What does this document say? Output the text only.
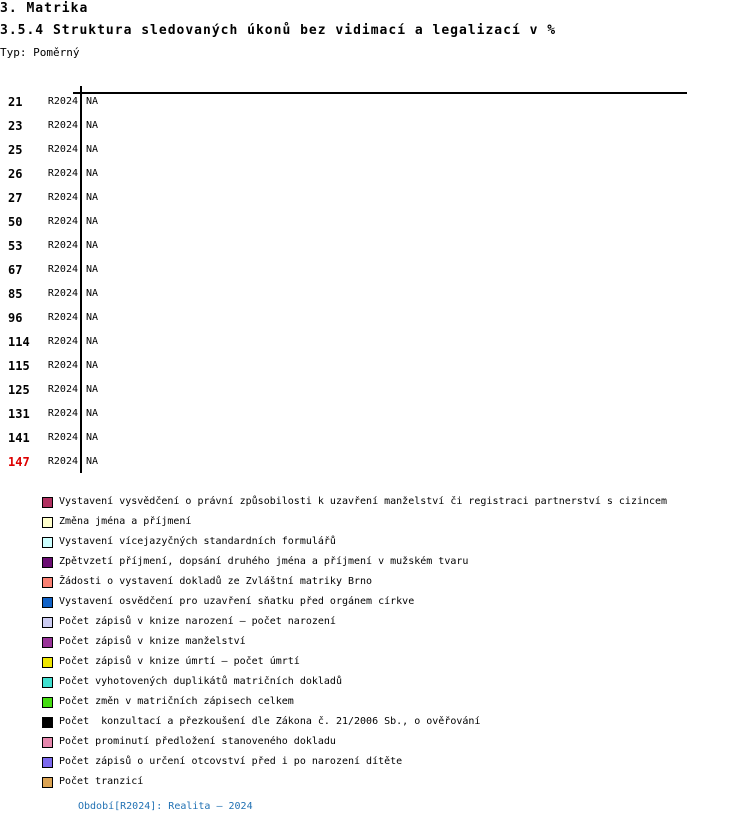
3. Matrika
3.5.4 Struktura sledovaných úkonů bez vidimací a legalizací v %
Typ: Poměrný
21	R2024 NA
23	R2024 NA
25	R2024 NA
26	R2024 NA
27	R2024 NA
50	R2024 NA
53	R2024 NA
67	R2024 NA
85	R2024 NA
96	R2024 NA
114	R2024 NA
115	R2024 NA
125	R2024 NA
131	R2024 NA
141	R2024 NA
147	R2024 NA
Vystavení vysvědčení o právní způsobilosti k uzavření manželství či registraci partnerství s cizincem
Změna jména a příjmení
Vystavení vícejazyčných standardních formulářů
Zpětvzetí příjmení, dopsání druhého jména a příjmení v mužském tvaru
Žádosti o vystavení dokladů ze Zvláštní matriky Brno
Vystavení osvědčení pro uzavření sňatku před orgánem církve
Počet zápisů v knize narození – počet narození
Počet zápisů v knize manželství
Počet zápisů v knize úmrtí – počet úmrtí
Počet vyhotovených duplikátů matričních dokladů
Počet změn v matričních zápisech celkem
Počet  konzultací a přezkoušení dle Zákona č. 21/2006 Sb., o ověřování
Počet prominutí předložení stanoveného dokladu
Počet zápisů o určení otcovství před i po narození dítěte
Počet tranzicí
Období[R2024]: Realita – 2024
